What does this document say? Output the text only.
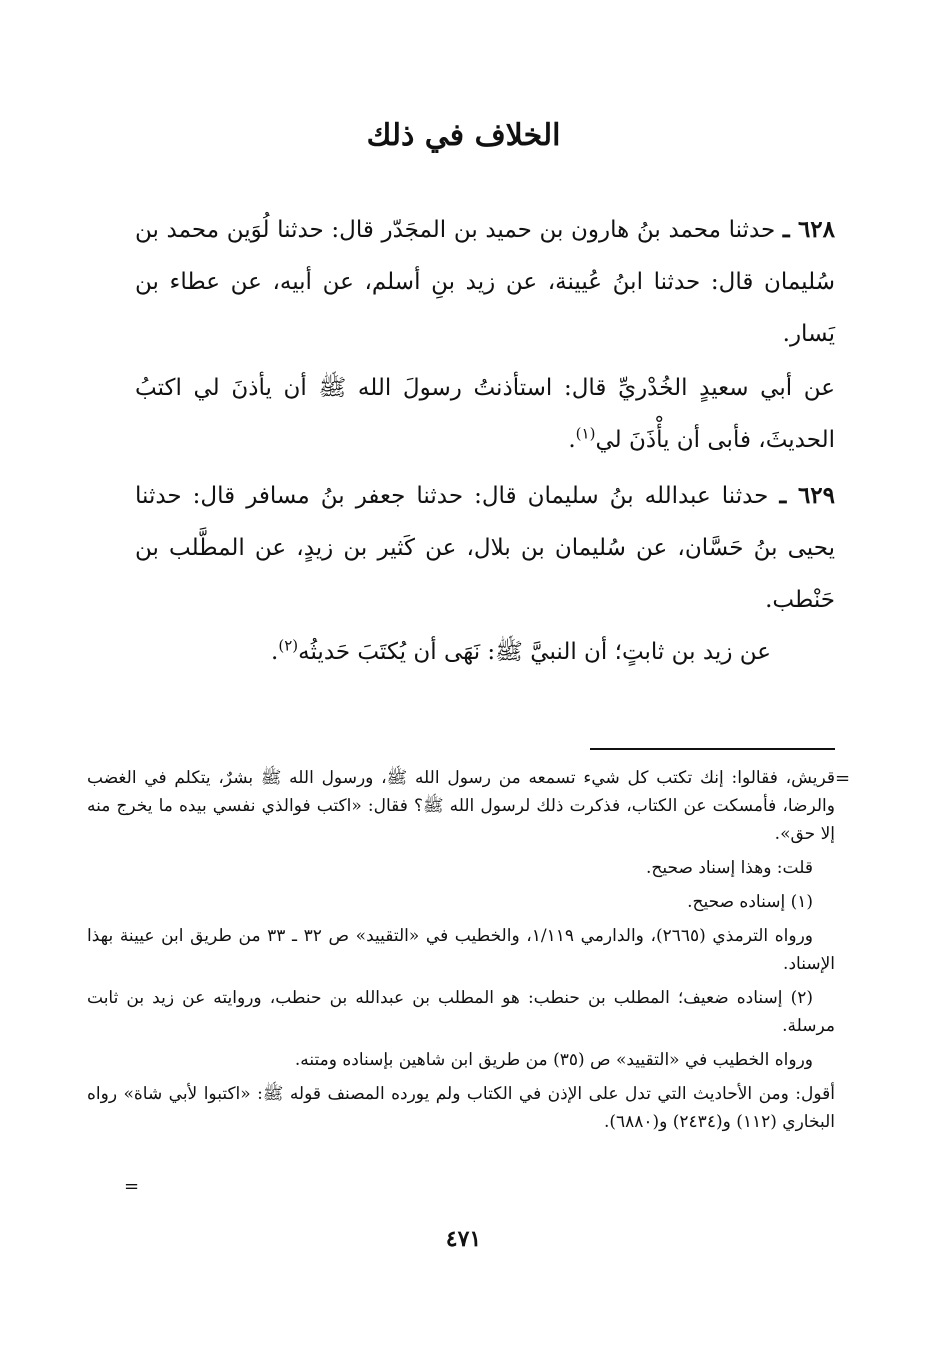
الخلاف في ذلك

٦٢٨ ـ حدثنا محمد بنُ هارون بن حميد بن المجَدّر قال: حدثنا لُوَين محمد بن سُليمان قال: حدثنا ابنُ عُيينة، عن زيد بنِ أسلم، عن أبيه، عن عطاء بن يَسار.

عن أبي سعيدٍ الخُدْريِّ قال: استأذنتُ رسولَ الله ﷺ أن يأذنَ لي اكتبُ الحديثَ، فأبى أن يأْذَنَ لي$^{(١)}$.

٦٢٩ ـ حدثنا عبدالله بنُ سليمان قال: حدثنا جعفر بنُ مسافر قال: حدثنا يحيى بنُ حَسَّان، عن سُليمان بن بلال، عن كَثير بن زيدٍ، عن المطَّلب بن حَنْطب.

عن زيد بن ثابتٍ؛ أن النبيَّ ﷺ: نَهَى أن يُكتَبَ حَديثُه$^{(٢)}$.

=

قريش، فقالوا: إنك تكتب كل شيء تسمعه من رسول الله ﷺ، ورسول الله ﷺ بشرٌ، يتكلم في الغضب والرضا، فأمسكت عن الكتاب، فذكرت ذلك لرسول الله ﷺ؟ فقال: «اكتب فوالذي نفسي بيده ما يخرج منه إلا حق».

قلت: وهذا إسناد صحيح.

(١) إسناده صحيح.

ورواه الترمذي (٢٦٦٥)، والدارمي ١/١١٩، والخطيب في «التقييد» ص ٣٢ ـ ٣٣ من طريق ابن عيينة بهذا الإسناد.

(٢) إسناده ضعيف؛ المطلب بن حنطب: هو المطلب بن عبدالله بن حنطب، وروايته عن زيد بن ثابت مرسلة.

ورواه الخطيب في «التقييد» ص (٣٥) من طريق ابن شاهين بإسناده ومتنه.

أقول: ومن الأحاديث التي تدل على الإذن في الكتاب ولم يورده المصنف قوله ﷺ: «اكتبوا لأبي شاة» رواه البخاري (١١٢) و(٢٤٣٤) و(٦٨٨٠).

=

٤٧١
